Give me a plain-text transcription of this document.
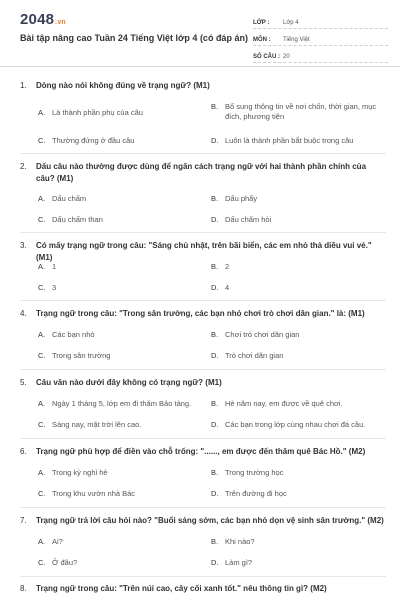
2048.vn
Bài tập nâng cao Tuần 24 Tiếng Việt lớp 4 (có đáp án)
LỚP :	Lớp 4
MÔN :	Tiếng Việt
SỐ CÂU : 20
1.	Dòng nào nói không đúng về trạng ngữ? (M1)
A. Là thành phần phụ của câu
B. Bổ sung thông tin về nơi chốn, thời gian, mục đích, phương tiện
C. Thường đứng ở đầu câu	D. Luôn là thành phần bắt buộc trong câu
2.	Dấu câu nào thường được dùng để ngăn cách trạng ngữ với hai thành phần chính của câu? (M1)
A. Dấu chấm	B. Dấu phẩy
C. Dấu chấm than	D. Dấu chấm hỏi
3.	Có mấy trạng ngữ trong câu: "Sáng chủ nhật, trên bãi biển, các em nhỏ thả diều vui vẻ." (M1)
A. 1	B. 2
C. 3	D. 4
4.	Trạng ngữ trong câu: "Trong sân trường, các bạn nhỏ chơi trò chơi dân gian." là: (M1)
A. Các bạn nhỏ	B. Chơi trò chơi dân gian
C. Trong sân trường	D. Trò chơi dân gian
5.	Câu văn nào dưới đây không có trạng ngữ? (M1)
A. Ngày 1 tháng 5, lớp em đi thăm Bảo tàng.	B. Hè năm nay, em được về quê chơi.
C. Sáng nay, mặt trời lên cao.	D. Các bạn trong lớp cùng nhau chơi đá cầu.
6.	Trạng ngữ phù hợp để điền vào chỗ trống: "......, em được đến thăm quê Bác Hồ." (M2)
A. Trong kỳ nghỉ hè	B. Trong trường học
C. Trong khu vườn nhà Bác	D. Trên đường đi học
7.	Trạng ngữ trả lời câu hỏi nào? "Buổi sáng sớm, các bạn nhỏ dọn vệ sinh sân trường." (M2)
A. Ai?	B. Khi nào?
C. Ở đâu?	D. Làm gì?
8.	Trạng ngữ trong câu: "Trên núi cao, cây cối xanh tốt." nêu thông tin gì? (M2)
